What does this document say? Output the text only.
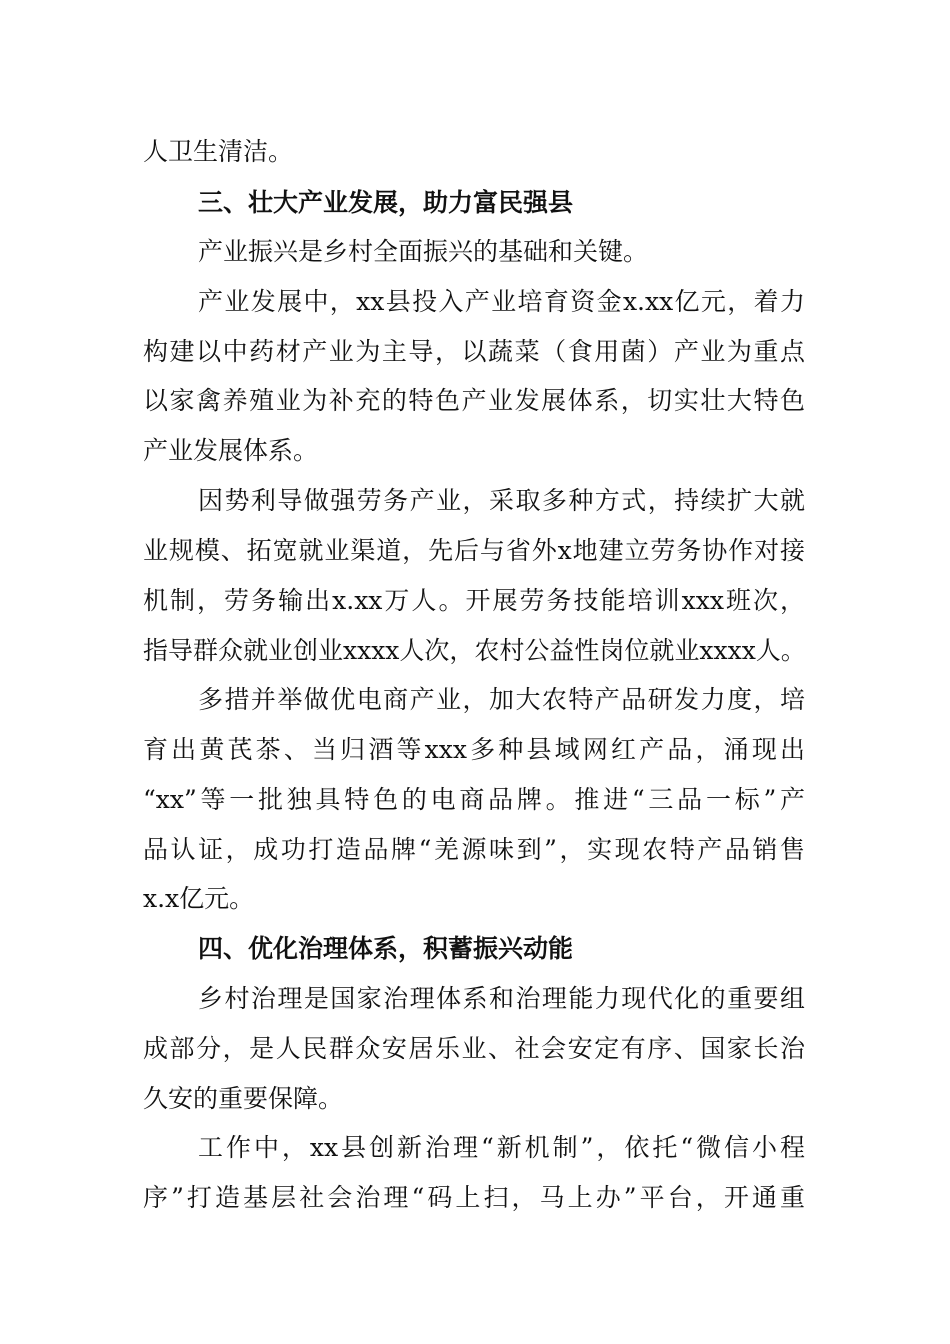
人卫生清洁。
三、壮大产业发展，助力富民强县
产业振兴是乡村全面振兴的基础和关键。
产业发展中，xx县投入产业培育资金x.xx亿元，着力
构建以中药材产业为主导，以蔬菜（食用菌）产业为重点
以家禽养殖业为补充的特色产业发展体系，切实壮大特色
产业发展体系。
因势利导做强劳务产业，采取多种方式，持续扩大就
业规模、拓宽就业渠道，先后与省外x地建立劳务协作对接
机制，劳务输出x.xx万人。开展劳务技能培训xxx班次，
指导群众就业创业xxxx人次，农村公益性岗位就业xxxx人。
多措并举做优电商产业，加大农特产品研发力度，培
育出黄芪茶、当归酒等xxx多种县域网红产品，涌现出
“xx”等一批独具特色的电商品牌。推进“三品一标”产
品认证，成功打造品牌“羌源味到”，实现农特产品销售
x.x亿元。
四、优化治理体系，积蓄振兴动能
乡村治理是国家治理体系和治理能力现代化的重要组
成部分，是人民群众安居乐业、社会安定有序、国家长治
久安的重要保障。
工作中，xx县创新治理“新机制”，依托“微信小程
序”打造基层社会治理“码上扫，马上办”平台，开通重
